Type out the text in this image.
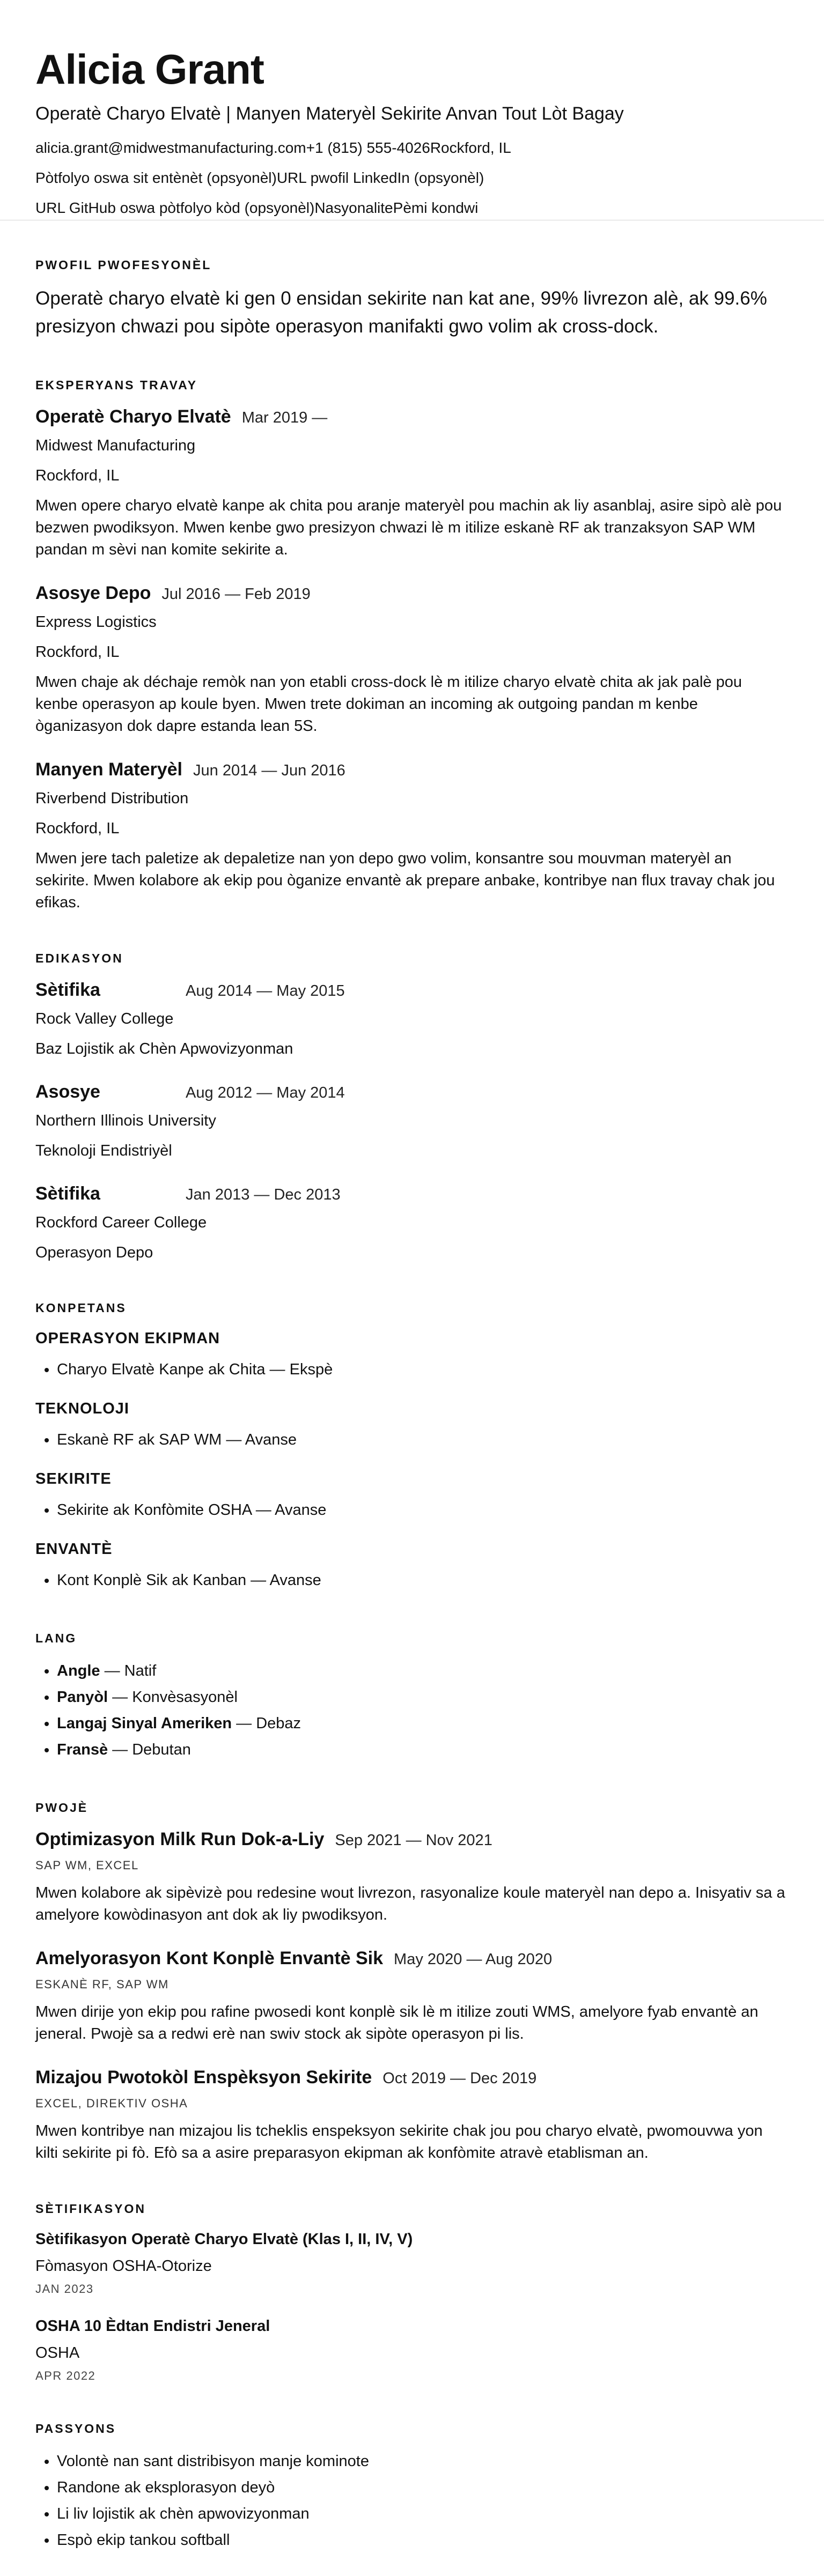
Alicia Grant
Operatè Charyo Elvatè | Manyen Materyèl Sekirite Anvan Tout Lòt Bagay
alicia.grant@midwestmanufacturing.com+1 (815) 555-4026Rockford, IL
Pòtfolyo oswa sit entènèt (opsyonèl)URL pwofil LinkedIn (opsyonèl)
URL GitHub oswa pòtfolyo kòd (opsyonèl)NasyonalitePèmi kondwi
PWOFIL PWOFESYONÈL

Operatè charyo elvatè ki gen 0 ensidan sekirite nan kat ane, 99% livrezon alè, ak 99.6% presizyon chwazi pou sipòte operasyon manifakti gwo volim ak cross-dock.

EKSPERYANS TRAVAY
Operatè Charyo Elvatè Mar 2019 —
Midwest Manufacturing
Rockford, IL
Mwen opere charyo elvatè kanpe ak chita pou aranje materyèl pou machin ak liy asanblaj, asire sipò alè pou bezwen pwodiksyon. Mwen kenbe gwo presizyon chwazi lè m itilize eskanè RF ak tranzaksyon SAP WM pandan m sèvi nan komite sekirite a.
Asosye Depo Jul 2016 — Feb 2019
Express Logistics
Rockford, IL
Mwen chaje ak déchaje remòk nan yon etabli cross-dock lè m itilize charyo elvatè chita ak jak palè pou kenbe operasyon ap koule byen. Mwen trete dokiman an incoming ak outgoing pandan m kenbe òganizasyon dok dapre estanda lean 5S.
Manyen Materyèl Jun 2014 — Jun 2016
Riverbend Distribution
Rockford, IL
Mwen jere tach paletize ak depaletize nan yon depo gwo volim, konsantre sou mouvman materyèl an sekirite. Mwen kolabore ak ekip pou òganize envantè ak prepare anbake, kontribye nan flux travay chak jou efikas.
EDIKASYON
Sètifika	Aug 2014 — May 2015
Rock Valley College
Baz Lojistik ak Chèn Apwovizyonman
Asosye	Aug 2012 — May 2014
Northern Illinois University
Teknoloji Endistriyèl
Sètifika	Jan 2013 — Dec 2013
Rockford Career College
Operasyon Depo
KONPETANS
OPERASYON EKIPMAN
• Charyo Elvatè Kanpe ak Chita — Ekspè
TEKNOLOJI
• Eskanè RF ak SAP WM — Avanse
SEKIRITE
• Sekirite ak Konfòmite OSHA — Avanse
ENVANTÈ
• Kont Konplè Sik ak Kanban — Avanse
LANG
• Angle — Natif
• Panyòl — Konvèsasyonèl
• Langaj Sinyal Ameriken — Debaz
• Fransè — Debutan
PWOJÈ
Optimizasyon Milk Run Dok-a-Liy Sep 2021 — Nov 2021
SAP WM, EXCEL
Mwen kolabore ak sipèvizè pou redesine wout livrezon, rasyonalize koule materyèl nan depo a. Inisyativ sa a amelyore kowòdinasyon ant dok ak liy pwodiksyon.
Amelyorasyon Kont Konplè Envantè Sik May 2020 — Aug 2020
ESKANÈ RF, SAP WM
Mwen dirije yon ekip pou rafine pwosedi kont konplè sik lè m itilize zouti WMS, amelyore fyab envantè an jeneral. Pwojè sa a redwi erè nan swiv stock ak sipòte operasyon pi lis.
Mizajou Pwotokòl Enspèksyon Sekirite Oct 2019 — Dec 2019
EXCEL, DIREKTIV OSHA
Mwen kontribye nan mizajou lis tcheklis enspeksyon sekirite chak jou pou charyo elvatè, pwomouvwa yon kilti sekirite pi fò. Efò sa a asire preparasyon ekipman ak konfòmite atravè etablisman an.
SÈTIFIKASYON
Sètifikasyon Operatè Charyo Elvatè (Klas I, II, IV, V)
Fòmasyon OSHA-Otorize
JAN 2023
OSHA 10 Èdtan Endistri Jeneral
OSHA
APR 2022
PASSYONS
• Volontè nan sant distribisyon manje kominote
• Randone ak eksplorasyon deyò
• Li liv lojistik ak chèn apwovizyonman
• Espò ekip tankou softball
